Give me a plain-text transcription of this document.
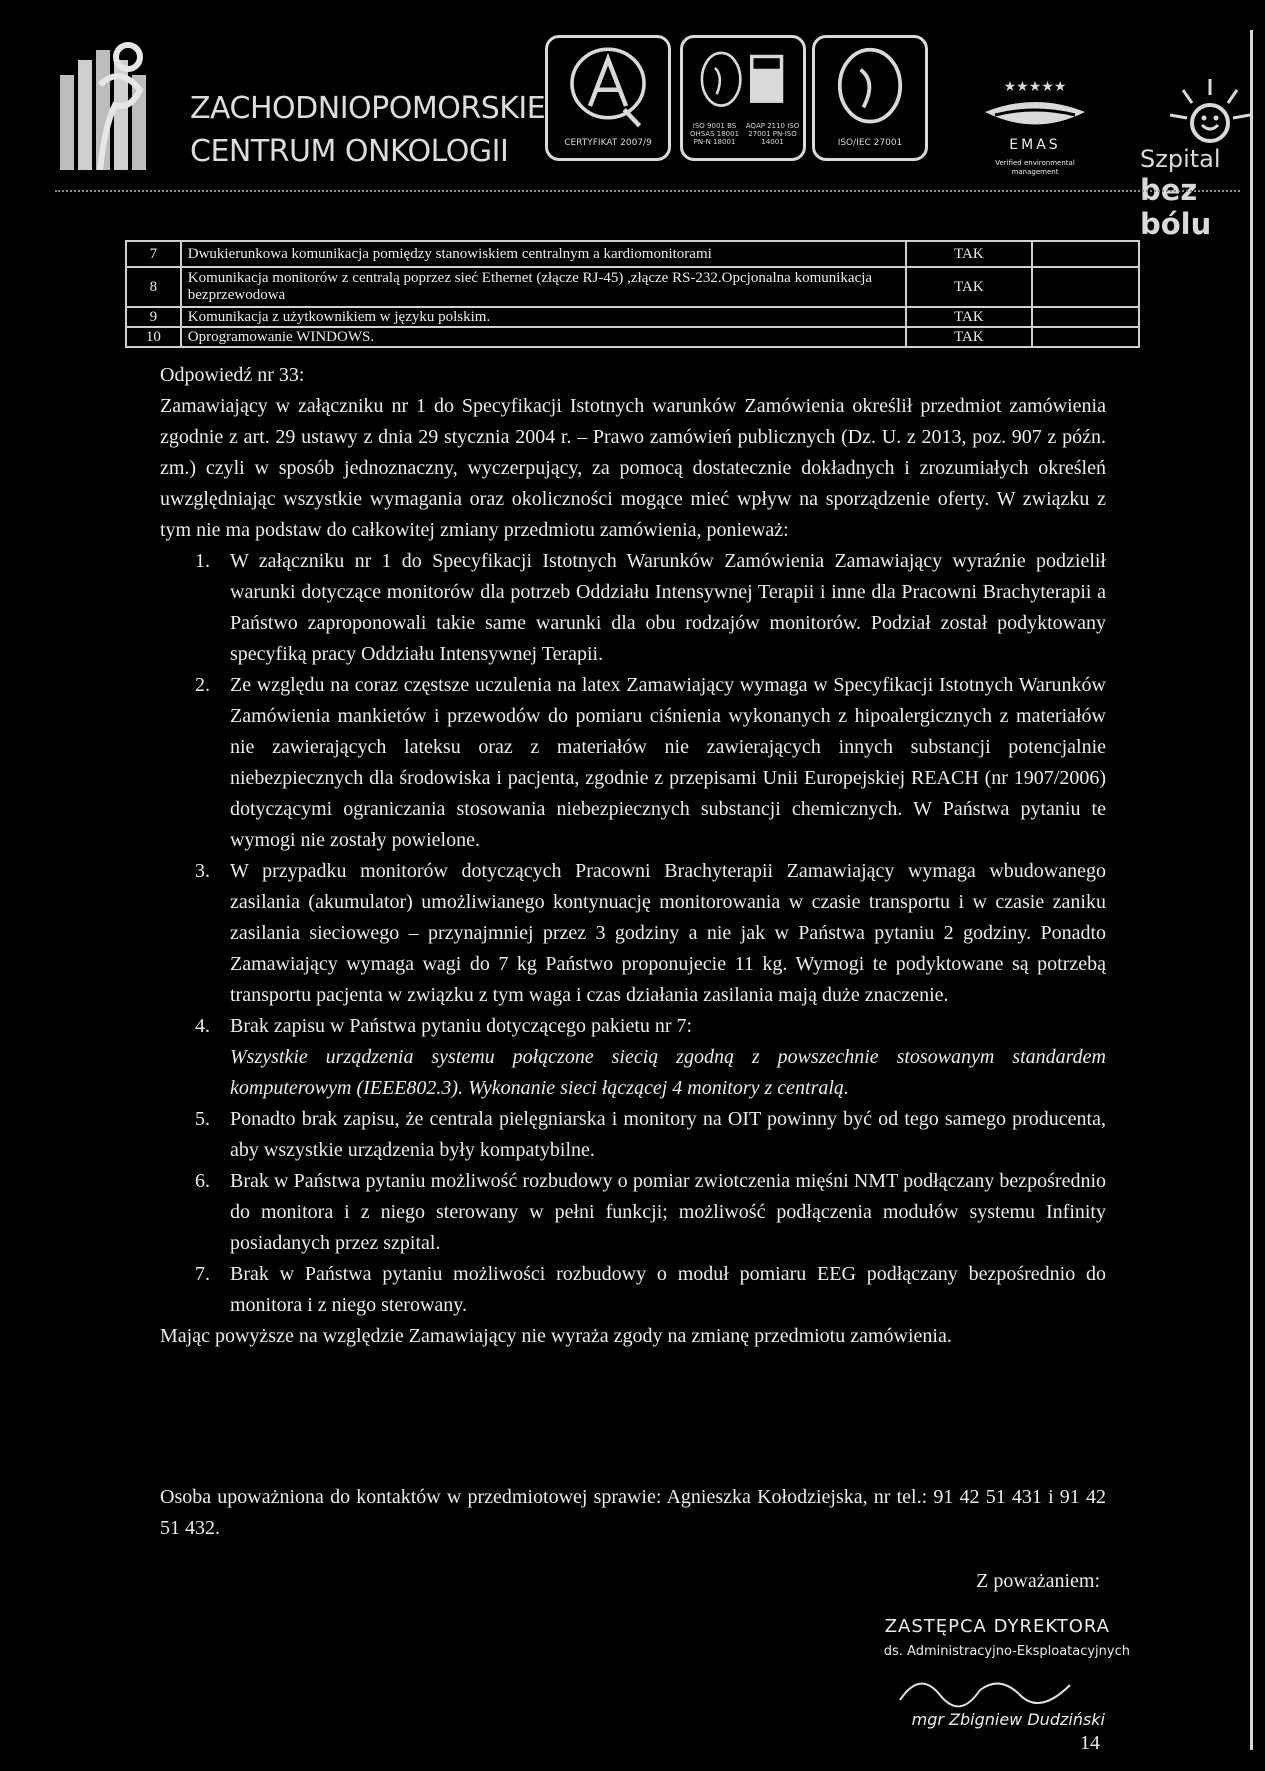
ZACHODNIOPOMORSKIE
CENTRUM ONKOLOGII	CERTYFIKAT 2007/9
ISO 9001 BS OHSAS 18001 PN-N 18001
AQAP 2110 ISO 27001 PN-ISO 14001	ISO/IEC 27001
★★★★★
EMAS
Verified environmental management	Szpital
bez bólu
7	Dwukierunkowa komunikacja pomiędzy stanowiskiem centralnym a kardiomonitorami	TAK	
8	Komunikacja monitorów z centralą poprzez sieć Ethernet (złącze RJ-45) ,złącze RS-232.Opcjonalna komunikacja bezprzewodowa	TAK	
9	Komunikacja z użytkownikiem w języku polskim.	TAK	
10	Oprogramowanie WINDOWS.	TAK	

Odpowiedź nr 33:

Zamawiający w załączniku nr 1 do Specyfikacji Istotnych warunków Zamówienia określił przedmiot zamówienia zgodnie z art. 29 ustawy z dnia 29 stycznia 2004 r. – Prawo zamówień publicznych (Dz. U. z 2013, poz. 907 z późn. zm.) czyli w sposób jednoznaczny, wyczerpujący, za pomocą dostatecznie dokładnych i zrozumiałych określeń uwzględniając wszystkie wymagania oraz okoliczności mogące mieć wpływ na sporządzenie oferty. W związku z tym nie ma podstaw do całkowitej zmiany przedmiotu zamówienia, ponieważ:

1. W załączniku nr 1 do Specyfikacji Istotnych Warunków Zamówienia Zamawiający wyraźnie podzielił warunki dotyczące monitorów dla potrzeb Oddziału Intensywnej Terapii i inne dla Pracowni Brachyterapii a Państwo zaproponowali takie same warunki dla obu rodzajów monitorów. Podział został podyktowany specyfiką pracy Oddziału Intensywnej Terapii.
2. Ze względu na coraz częstsze uczulenia na latex Zamawiający wymaga w Specyfikacji Istotnych Warunków Zamówienia mankietów i przewodów do pomiaru ciśnienia wykonanych z hipoalergicznych z materiałów nie zawierających lateksu oraz z materiałów nie zawierających innych substancji potencjalnie niebezpiecznych dla środowiska i pacjenta, zgodnie z przepisami Unii Europejskiej REACH (nr 1907/2006) dotyczącymi ograniczania stosowania niebezpiecznych substancji chemicznych. W Państwa pytaniu te wymogi nie zostały powielone.
3. W przypadku monitorów dotyczących Pracowni Brachyterapii Zamawiający wymaga wbudowanego zasilania (akumulator) umożliwianego kontynuację monitorowania w czasie transportu i w czasie zaniku zasilania sieciowego – przynajmniej przez 3 godziny a nie jak w Państwa pytaniu 2 godziny. Ponadto Zamawiający wymaga wagi do 7 kg Państwo proponujecie 11 kg. Wymogi te podyktowane są potrzebą transportu pacjenta w związku z tym waga i czas działania zasilania mają duże znaczenie.
4. Brak zapisu w Państwa pytaniu dotyczącego pakietu nr 7:
Wszystkie urządzenia systemu połączone siecią zgodną z powszechnie stosowanym standardem komputerowym (IEEE802.3). Wykonanie sieci łączącej 4 monitory z centralą.
5. Ponadto brak zapisu, że centrala pielęgniarska i monitory na OIT powinny być od tego samego producenta, aby wszystkie urządzenia były kompatybilne.
6. Brak w Państwa pytaniu możliwość rozbudowy o pomiar zwiotczenia mięśni NMT podłączany bezpośrednio do monitora i z niego sterowany w pełni funkcji; możliwość podłączenia modułów systemu Infinity posiadanych przez szpital.
7. Brak w Państwa pytaniu możliwości rozbudowy o moduł pomiaru EEG podłączany bezpośrednio do monitora i z niego sterowany.

Mając powyższe na względzie Zamawiający nie wyraża zgody na zmianę przedmiotu zamówienia.

Osoba upoważniona do kontaktów w przedmiotowej sprawie: Agnieszka Kołodziejska, nr tel.: 91 42 51 431 i 91 42 51 432.

Z poważaniem:
ZASTĘPCA DYREKTORA
ds. Administracyjno-Eksploatacyjnych
mgr Zbigniew Dudziński
14
